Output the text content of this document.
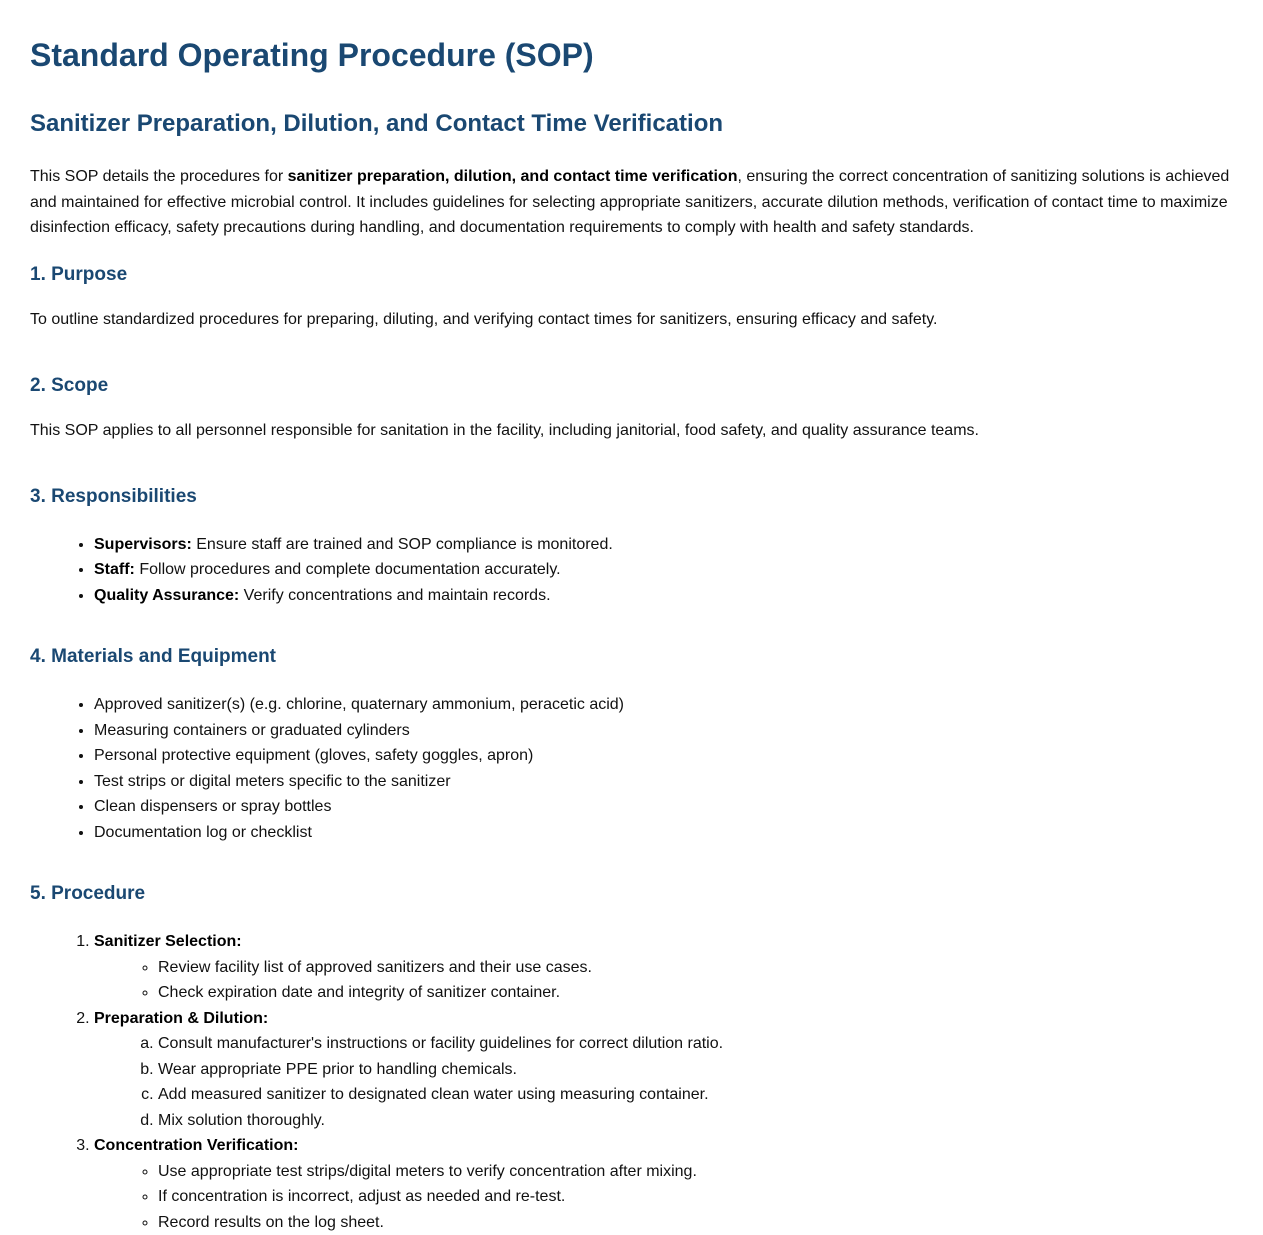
Standard Operating Procedure (SOP)
Sanitizer Preparation, Dilution, and Contact Time Verification

This SOP details the procedures for sanitizer preparation, dilution, and contact time verification, ensuring the correct concentration of sanitizing solutions is achieved and maintained for effective microbial control. It includes guidelines for selecting appropriate sanitizers, accurate dilution methods, verification of contact time to maximize disinfection efficacy, safety precautions during handling, and documentation requirements to comply with health and safety standards.

1. Purpose

To outline standardized procedures for preparing, diluting, and verifying contact times for sanitizers, ensuring efficacy and safety.

2. Scope

This SOP applies to all personnel responsible for sanitation in the facility, including janitorial, food safety, and quality assurance teams.

3. Responsibilities
• Supervisors: Ensure staff are trained and SOP compliance is monitored.
• Staff: Follow procedures and complete documentation accurately.
• Quality Assurance: Verify concentrations and maintain records.
4. Materials and Equipment
• Approved sanitizer(s) (e.g. chlorine, quaternary ammonium, peracetic acid)
• Measuring containers or graduated cylinders
• Personal protective equipment (gloves, safety goggles, apron)
• Test strips or digital meters specific to the sanitizer
• Clean dispensers or spray bottles
• Documentation log or checklist
5. Procedure
1. Sanitizer Selection:
◦ Review facility list of approved sanitizers and their use cases.
◦ Check expiration date and integrity of sanitizer container.
2. Preparation & Dilution:
a. Consult manufacturer's instructions or facility guidelines for correct dilution ratio.
b. Wear appropriate PPE prior to handling chemicals.
c. Add measured sanitizer to designated clean water using measuring container.
d. Mix solution thoroughly.
3. Concentration Verification:
◦ Use appropriate test strips/digital meters to verify concentration after mixing.
◦ If concentration is incorrect, adjust as needed and re-test.
◦ Record results on the log sheet.
